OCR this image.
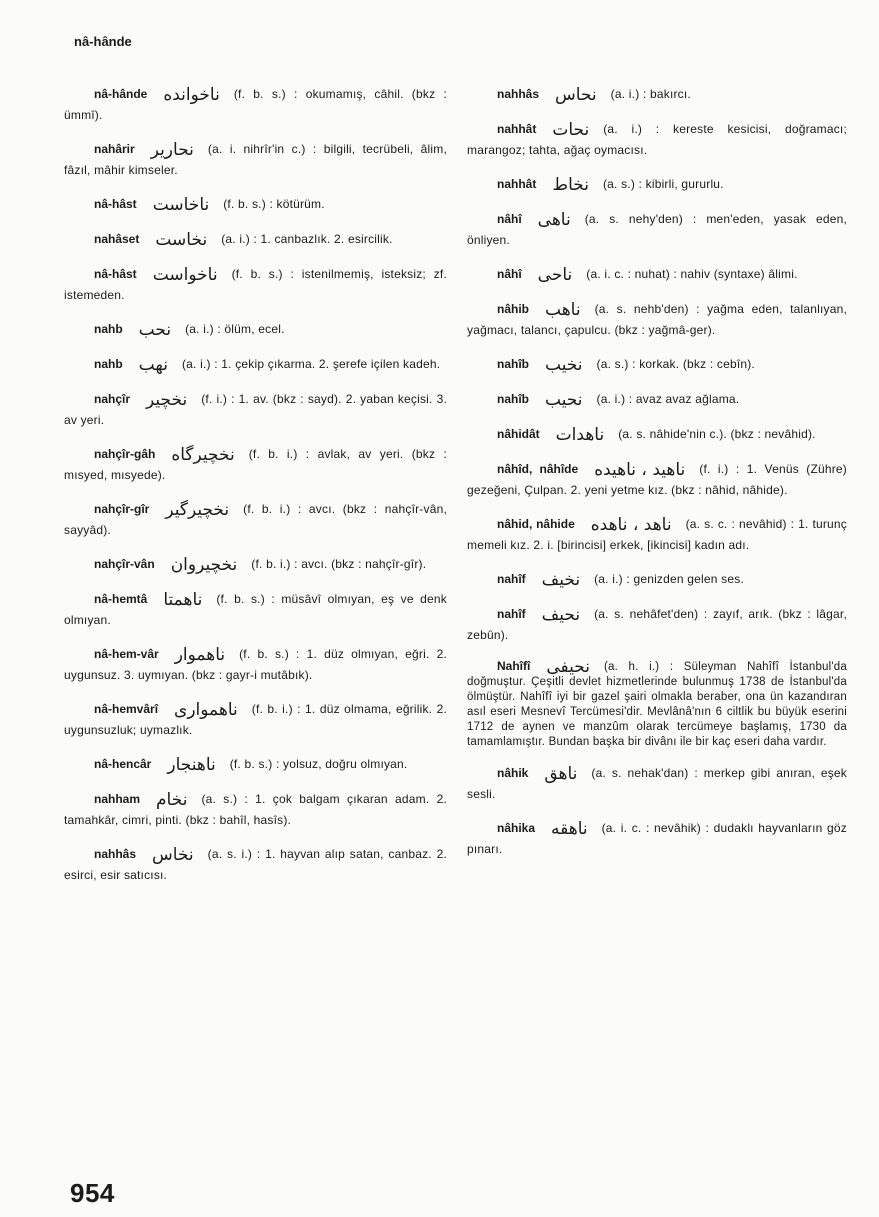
nâ-hânde
nâ-hânde ناخوانده (f. b. s.) : okumamış, câhil. (bkz : ümmî).
nahârir نحارير (a. i. nihrîr'in c.) : bilgili, tecrübeli, âlim, fâzıl, mâhir kimseler.
nâ-hâst ناخاست (f. b. s.) : kötürüm.
nahâset نخاست (a. i.) : 1. canbazlık. 2. esircilik.
nâ-hâst ناخواست (f. b. s.) : istenilmemiş, isteksiz; zf. istemeden.
nahb نحب (a. i.) : ölüm, ecel.
nahb نهب (a. i.) : 1. çekip çıkarma. 2. şerefe içilen kadeh.
nahçîr نخچیر (f. i.) : 1. av. (bkz : sayd). 2. yaban keçisi. 3. av yeri.
nahçîr-gâh نخچیرگاه (f. b. i.) : avlak, av yeri. (bkz : mısyed, mısyede).
nahçîr-gîr نخچیرگیر (f. b. i.) : avcı. (bkz : nahçîr-vân, sayyâd).
nahçîr-vân نخچیروان (f. b. i.) : avcı. (bkz : nahçîr-gîr).
nâ-hemtâ ناهمتا (f. b. s.) : müsâvî olmıyan, eş ve denk olmıyan.
nâ-hem-vâr ناهموار (f. b. s.) : 1. düz olmıyan, eğri. 2. uygunsuz. 3. uymıyan. (bkz : gayr-i mutâbık).
nâ-hemvârî ناهمواری (f. b. i.) : 1. düz olmama, eğrilik. 2. uygunsuzluk; uymazlık.
nâ-hencâr ناهنجار (f. b. s.) : yolsuz, doğru olmıyan.
nahham نخام (a. s.) : 1. çok balgam çıkaran adam. 2. tamahkâr, cimri, pinti. (bkz : bahîl, hasîs).
nahhâs نخاس (a. s. i.) : 1. hayvan alıp satan, canbaz. 2. esirci, esir satıcısı.
nahhâs نحاس (a. i.) : bakırcı.
nahhât نحات (a. i.) : kereste kesicisi, doğramacı; marangoz; tahta, ağaç oymacısı.
nahhât نخاط (a. s.) : kibirli, gururlu.
nâhî ناهی (a. s. nehy'den) : men'eden, yasak eden, önliyen.
nâhî ناحی (a. i. c. : nuhat) : nahiv (syntaxe) âlimi.
nâhib ناهب (a. s. nehb'den) : yağma eden, talanlıyan, yağmacı, talancı, çapulcu. (bkz : yağmâ-ger).
nahîb نخیب (a. s.) : korkak. (bkz : cebîn).
nahîb نحیب (a. i.) : avaz avaz ağlama.
nâhidât ناهدات (a. s. nâhide'nin c.). (bkz : nevâhid).
nâhîd, nâhîde ناهید ، ناهیده (f. i.) : 1. Venüs (Zühre) gezeğeni, Çulpan. 2. yeni yetme kız. (bkz : nâhid, nâhide).
nâhid, nâhide ناهد ، ناهده (a. s. c. : nevâhid) : 1. turunç memeli kız. 2. i. [birincisi] erkek, [ikincisi] kadın adı.
nahîf نخیف (a. i.) : genizden gelen ses.
nahîf نحیف (a. s. nehâfet'den) : zayıf, arık. (bkz : lâgar, zebûn).
Nahîfî نحیفی (a. h. i.) : Süleyman Nahîfî İstanbul'da doğmuştur. Çeşitli devlet hizmetlerinde bulunmuş 1738 de İstanbul'da ölmüştür. Nahîfî iyi bir gazel şairi olmakla beraber, ona ün kazandıran asıl eseri Mesnevî Tercümesi'dir. Mevlânâ'nın 6 ciltlik bu büyük eserini 1712 de aynen ve manzûm olarak tercümeye başlamış, 1730 da tamamlamıştır. Bundan başka bir divânı ile bir kaç eseri daha vardır.
nâhik ناهق (a. s. nehak'dan) : merkep gibi anıran, eşek sesli.
nâhika ناهقه (a. i. c. : nevâhik) : dudaklı hayvanların göz pınarı.
954
